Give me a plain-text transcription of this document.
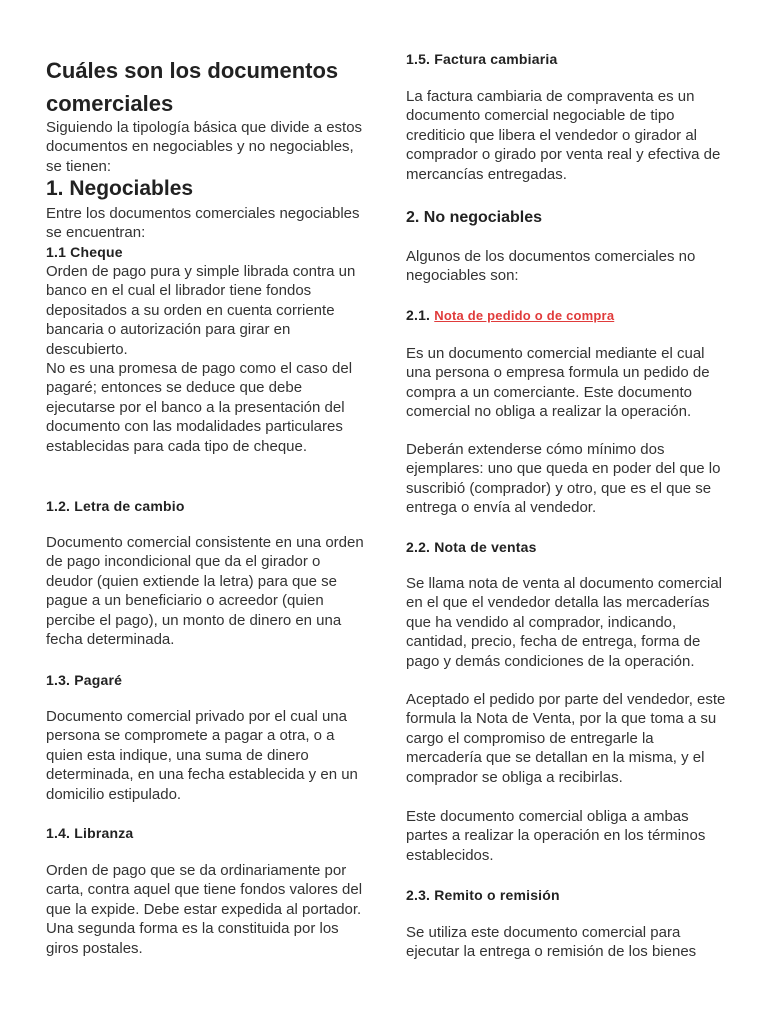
Cuáles son los documentos comerciales

Siguiendo la tipología básica que divide a estos documentos en negociables y no negociables, se tienen:

1. Negociables

Entre los documentos comerciales negociables se encuentran:

1.1 Cheque

Orden de pago pura y simple librada contra un banco en el cual el librador tiene fondos depositados a su orden en cuenta corriente bancaria o autorización para girar en descubierto.

No es una promesa de pago como el caso del pagaré; entonces se deduce que debe ejecutarse por el banco a la presentación del documento con las modalidades particulares establecidas para cada tipo de cheque.

1.2. Letra de cambio

Documento comercial consistente en una orden de pago incondicional que da el girador o deudor (quien extiende la letra) para que se pague a un beneficiario o acreedor (quien percibe el pago), un monto de dinero en una fecha determinada.

1.3. Pagaré

Documento comercial privado por el cual una persona se compromete a pagar a otra, o a quien esta indique, una suma de dinero determinada, en una fecha establecida y en un domicilio estipulado.

1.4. Libranza

Orden de pago que se da ordinariamente por carta, contra aquel que tiene fondos valores del que la expide. Debe estar expedida al portador. Una segunda forma es la constituida por los giros postales.

1.5. Factura cambiaria

La factura cambiaria de compraventa es un documento comercial negociable de tipo crediticio que libera el vendedor o girador al comprador o girado por venta real y efectiva de mercancías entregadas.

2. No negociables

Algunos de los documentos comerciales no negociables son:

2.1. Nota de pedido o de compra

Es un documento comercial mediante el cual una persona o empresa formula un pedido de compra a un comerciante. Este documento comercial no obliga a realizar la operación.

Deberán extenderse cómo mínimo dos ejemplares: uno que queda en poder del que lo suscribió (comprador) y otro, que es el que se entrega o envía al vendedor.

2.2. Nota de ventas

Se llama nota de venta al documento comercial en el que el vendedor detalla las mercaderías que ha vendido al comprador, indicando, cantidad, precio, fecha de entrega, forma de pago y demás condiciones de la operación.

Aceptado el pedido por parte del vendedor, este formula la Nota de Venta, por la que toma a su cargo el compromiso de entregarle la mercadería que se detallan en la misma, y el comprador se obliga a recibirlas.

Este documento comercial obliga a ambas partes a realizar la operación en los términos establecidos.

2.3. Remito o remisión

Se utiliza este documento comercial para ejecutar la entrega o remisión de los bienes
